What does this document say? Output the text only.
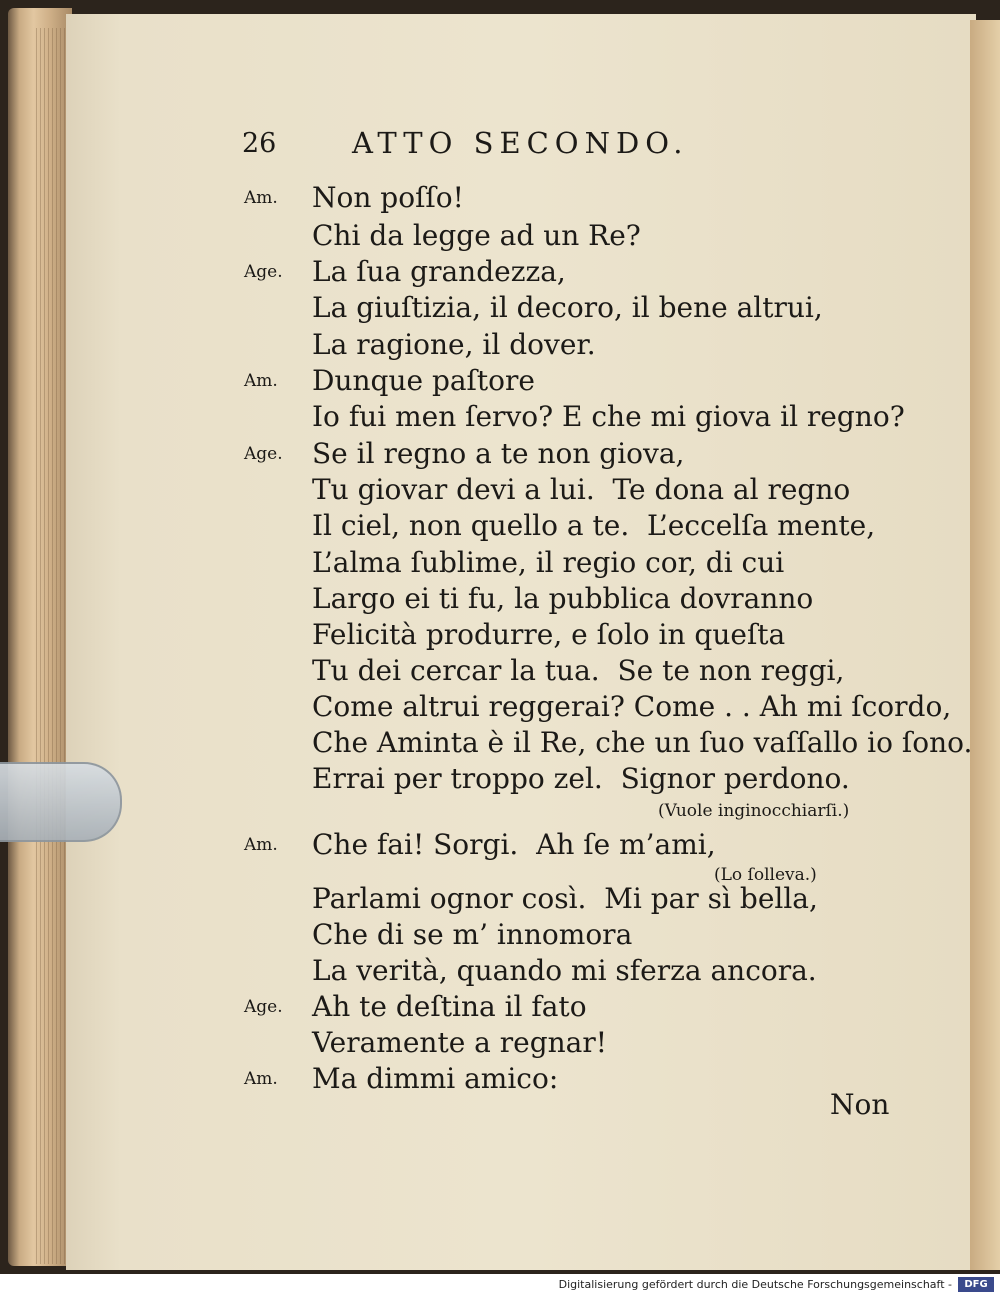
26	ATTO SECONDO.
Am.
Age.
Am.
Age.
Am.
Age.
Am.
Non poſſo!
Chi da legge ad un Re?
La ſua grandezza,
La giuſtizia, il decoro, il bene altrui,
La ragione, il dover.
Dunque paſtore
Io fui men ſervo? E che mi giova il regno?
Se il regno a te non giova,
Tu giovar devi a lui.  Te dona al regno
Il ciel, non quello a te.  L’eccelſa mente,
L’alma ſublime, il regio cor, di cui
Largo ei ti fu, la pubblica dovranno
Felicità produrre, e ſolo in queſta
Tu dei cercar la tua.  Se te non reggi,
Come altrui reggerai? Come . . Ah mi ſcordo,
Che Aminta è il Re, che un ſuo vaſſallo io ſono.
Errai per troppo zel.  Signor perdono.
(Vuole inginocchiarſi.)
Che fai! Sorgi.  Ah ſe m’ami,
(Lo ſolleva.)
Parlami ognor così.  Mi par sì bella,
Che di se m’ innomora
La verità, quando mi sferza ancora.
Ah te deſtina il fato
Veramente a regnar!
Ma dimmi amico:
Non
Digitalisierung gefördert durch die Deutsche Forschungsgemeinschaft -	DFG
